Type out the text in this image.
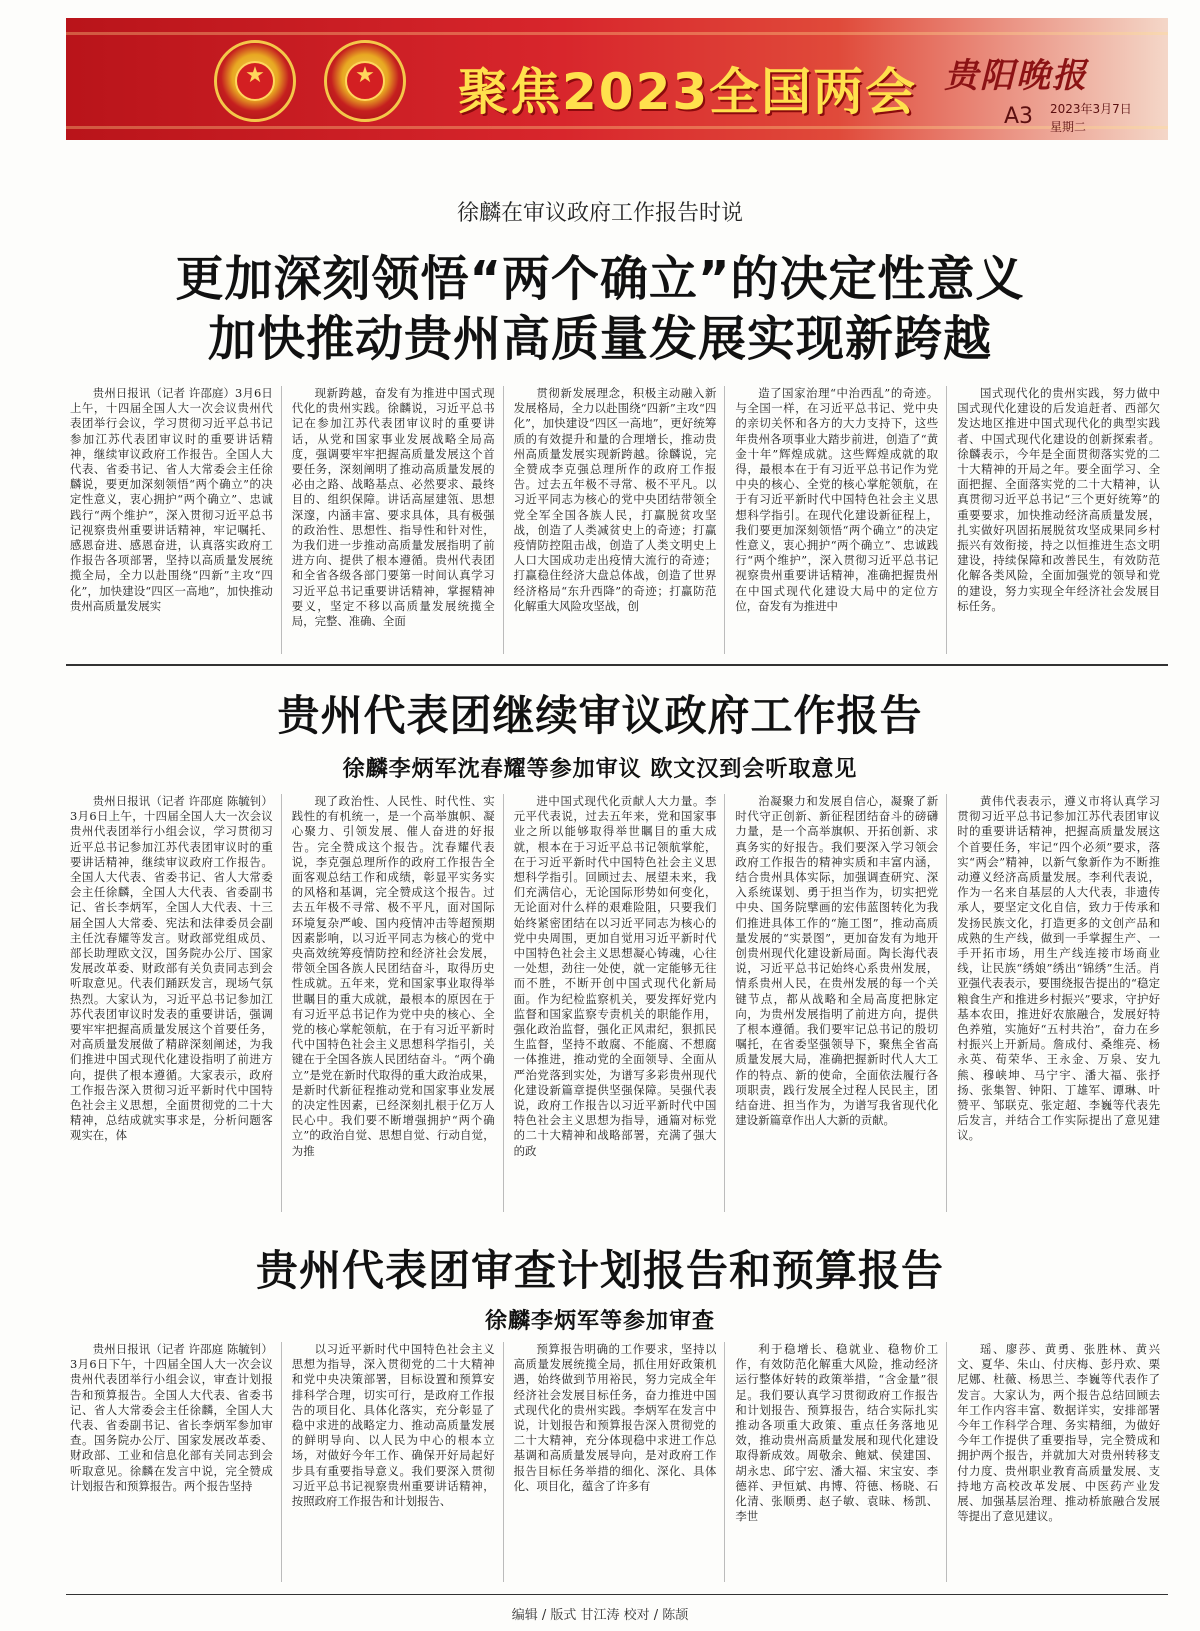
★	★	聚焦2023全国两会 贵阳晚报
A3 2023年3月7日
星期二
徐麟在审议政府工作报告时说
更加深刻领悟“两个确立”的决定性意义
加快推动贵州高质量发展实现新跨越

贵州日报讯（记者 许邵庭）3月6日上午，十四届全国人大一次会议贵州代表团举行会议，学习贯彻习近平总书记参加江苏代表团审议时的重要讲话精神，继续审议政府工作报告。全国人大代表、省委书记、省人大常委会主任徐麟说，要更加深刻领悟“两个确立”的决定性意义，衷心拥护“两个确立”、忠诚践行“两个维护”，深入贯彻习近平总书记视察贵州重要讲话精神，牢记嘱托、感恩奋进、感恩奋进，认真落实政府工作报告各项部署，坚持以高质量发展统揽全局，全力以赴围绕“四新”主攻“四化”，加快建设“四区一高地”，加快推动贵州高质量发展实

现新跨越，奋发有为推进中国式现代化的贵州实践。徐麟说，习近平总书记在参加江苏代表团审议时的重要讲话，从党和国家事业发展战略全局高度，强调要牢牢把握高质量发展这个首要任务，深刻阐明了推动高质量发展的必由之路、战略基点、必然要求、最终目的、组织保障。讲话高屋建瓴、思想深邃，内涵丰富、要求具体，具有极强的政治性、思想性、指导性和针对性，为我们进一步推动高质量发展指明了前进方向、提供了根本遵循。贵州代表团和全省各级各部门要第一时间认真学习习近平总书记重要讲话精神，掌握精神要义，坚定不移以高质量发展统揽全局，完整、准确、全面

贯彻新发展理念，积极主动融入新发展格局，全力以赴围绕“四新”主攻“四化”，加快建设“四区一高地”，更好统筹质的有效提升和量的合理增长，推动贵州高质量发展实现新跨越。徐麟说，完全赞成李克强总理所作的政府工作报告。过去五年极不寻常、极不平凡。以习近平同志为核心的党中央团结带领全党全军全国各族人民，打赢脱贫攻坚战，创造了人类减贫史上的奇迹；打赢疫情防控阻击战，创造了人类文明史上人口大国成功走出疫情大流行的奇迹；打赢稳住经济大盘总体战，创造了世界经济格局“东升西降”的奇迹；打赢防范化解重大风险攻坚战，创

造了国家治理“中治西乱”的奇迹。与全国一样，在习近平总书记、党中央的亲切关怀和各方的大力支持下，这些年贵州各项事业大踏步前进，创造了“黄金十年”辉煌成就。这些辉煌成就的取得，最根本在于有习近平总书记作为党中央的核心、全党的核心掌舵领航，在于有习近平新时代中国特色社会主义思想科学指引。在现代化建设新征程上，我们要更加深刻领悟“两个确立”的决定性意义，衷心拥护“两个确立”、忠诚践行“两个维护”，深入贯彻习近平总书记视察贵州重要讲话精神，准确把握贵州在中国式现代化建设大局中的定位方位，奋发有为推进中

国式现代化的贵州实践，努力做中国式现代化建设的后发追赶者、西部欠发达地区推进中国式现代化的典型实践者、中国式现代化建设的创新探索者。徐麟表示，今年是全面贯彻落实党的二十大精神的开局之年。要全面学习、全面把握、全面落实党的二十大精神，认真贯彻习近平总书记“三个更好统筹”的重要要求，加快推动经济高质量发展，扎实做好巩固拓展脱贫攻坚成果同乡村振兴有效衔接，持之以恒推进生态文明建设，持续保障和改善民生，有效防范化解各类风险，全面加强党的领导和党的建设，努力实现全年经济社会发展目标任务。

贵州代表团继续审议政府工作报告
徐麟李炳军沈春耀等参加审议 欧文汉到会听取意见

贵州日报讯（记者 许邵庭 陈毓钊）3月6日上午，十四届全国人大一次会议贵州代表团举行小组会议，学习贯彻习近平总书记参加江苏代表团审议时的重要讲话精神，继续审议政府工作报告。全国人大代表、省委书记、省人大常委会主任徐麟，全国人大代表、省委副书记、省长李炳军，全国人大代表、十三届全国人大常委、宪法和法律委员会副主任沈春耀等发言。财政部党组成员、部长助理欧文汉，国务院办公厅、国家发展改革委、财政部有关负责同志到会听取意见。代表们踊跃发言，现场气氛热烈。大家认为，习近平总书记参加江苏代表团审议时发表的重要讲话，强调要牢牢把握高质量发展这个首要任务，对高质量发展做了精辟深刻阐述，为我们推进中国式现代化建设指明了前进方向，提供了根本遵循。大家表示，政府工作报告深入贯彻习近平新时代中国特色社会主义思想，全面贯彻党的二十大精神，总结成就实事求是，分析问题客观实在，体

现了政治性、人民性、时代性、实践性的有机统一，是一个高举旗帜、凝心聚力、引领发展、催人奋进的好报告。完全赞成这个报告。沈春耀代表说，李克强总理所作的政府工作报告全面客观总结工作和成绩，彰显平实务实的风格和基调，完全赞成这个报告。过去五年极不寻常、极不平凡，面对国际环境复杂严峻、国内疫情冲击等超预期因素影响，以习近平同志为核心的党中央高效统筹疫情防控和经济社会发展，带领全国各族人民团结奋斗，取得历史性成就。五年来，党和国家事业取得举世瞩目的重大成就，最根本的原因在于有习近平总书记作为党中央的核心、全党的核心掌舵领航，在于有习近平新时代中国特色社会主义思想科学指引，关键在于全国各族人民团结奋斗。“两个确立”是党在新时代取得的重大政治成果，是新时代新征程推动党和国家事业发展的决定性因素，已经深刻扎根于亿万人民心中。我们要不断增强拥护“两个确立”的政治自觉、思想自觉、行动自觉，为推

进中国式现代化贡献人大力量。李元平代表说，过去五年来，党和国家事业之所以能够取得举世瞩目的重大成就，根本在于习近平总书记领航掌舵，在于习近平新时代中国特色社会主义思想科学指引。回顾过去、展望未来，我们充满信心，无论国际形势如何变化，无论面对什么样的艰难险阻，只要我们始终紧密团结在以习近平同志为核心的党中央周围，更加自觉用习近平新时代中国特色社会主义思想凝心铸魂，心往一处想，劲往一处使，就一定能够无往而不胜，不断开创中国式现代化新局面。作为纪检监察机关，要发挥好党内监督和国家监察专责机关的职能作用，强化政治监督，强化正风肃纪，狠抓民生监督，坚持不敢腐、不能腐、不想腐一体推进，推动党的全面领导、全面从严治党落到实处，为谱写多彩贵州现代化建设新篇章提供坚强保障。吴强代表说，政府工作报告以习近平新时代中国特色社会主义思想为指导，通篇对标党的二十大精神和战略部署，充满了强大的政

治凝聚力和发展自信心，凝聚了新时代守正创新、新征程团结奋斗的磅礴力量，是一个高举旗帜、开拓创新、求真务实的好报告。我们要深入学习领会政府工作报告的精神实质和丰富内涵，结合贵州具体实际，加强调查研究、深入系统谋划、勇于担当作为，切实把党中央、国务院擘画的宏伟蓝图转化为我们推进具体工作的“施工图”，推动高质量发展的“实景图”，更加奋发有为地开创贵州现代化建设新局面。陶长海代表说，习近平总书记始终心系贵州发展，情系贵州人民，在贵州发展的每一个关键节点，都从战略和全局高度把脉定向，为贵州发展指明了前进方向，提供了根本遵循。我们要牢记总书记的殷切嘱托，在省委坚强领导下，聚焦全省高质量发展大局，准确把握新时代人大工作的特点、新的使命，全面依法履行各项职责，践行发展全过程人民民主，团结奋进、担当作为，为谱写我省现代化建设新篇章作出人大新的贡献。

黄伟代表表示，遵义市将认真学习贯彻习近平总书记参加江苏代表团审议时的重要讲话精神，把握高质量发展这个首要任务，牢记“四个必须”要求，落实“两会”精神，以新气象新作为不断推动遵义经济高质量发展。李利代表说，作为一名来自基层的人大代表，非遗传承人，要坚定文化自信，致力于传承和发扬民族文化，打造更多的文创产品和成熟的生产线，做到一手掌握生产、一手开拓市场，用生产线连接市场商业线，让民族“绣娘”绣出“锦绣”生活。肖亚强代表表示，要围绕报告提出的“稳定粮食生产和推进乡村振兴”要求，守护好基本农田，推进好农旅融合，发展好特色养殖，实施好“五村共治”，奋力在乡村振兴上开新局。詹成付、桑维亮、杨永英、荀荣华、王永金、万泉、安九熊、穆峡坤、马宁宇、潘大福、张抒扬、张集智、钟阳、丁雄军、谭琳、叶赞平、邹联克、张定超、李巍等代表先后发言，并结合工作实际提出了意见建议。

贵州代表团审查计划报告和预算报告
徐麟李炳军等参加审查

贵州日报讯（记者 许邵庭 陈毓钊）3月6日下午，十四届全国人大一次会议贵州代表团举行小组会议，审查计划报告和预算报告。全国人大代表、省委书记、省人大常委会主任徐麟，全国人大代表、省委副书记、省长李炳军参加审查。国务院办公厅、国家发展改革委、财政部、工业和信息化部有关同志到会听取意见。徐麟在发言中说，完全赞成计划报告和预算报告。两个报告坚持

以习近平新时代中国特色社会主义思想为指导，深入贯彻党的二十大精神和党中央决策部署，目标设置和预算安排科学合理，切实可行，是政府工作报告的项目化、具体化落实，充分彰显了稳中求进的战略定力、推动高质量发展的鲜明导向、以人民为中心的根本立场，对做好今年工作、确保开好局起好步具有重要指导意义。我们要深入贯彻习近平总书记视察贵州重要讲话精神，按照政府工作报告和计划报告、

预算报告明确的工作要求，坚持以高质量发展统揽全局，抓住用好政策机遇，始终做到节用裕民，努力完成全年经济社会发展目标任务，奋力推进中国式现代化的贵州实践。李炳军在发言中说，计划报告和预算报告深入贯彻党的二十大精神，充分体现稳中求进工作总基调和高质量发展导向，是对政府工作报告目标任务举措的细化、深化、具体化、项目化，蕴含了许多有

利于稳增长、稳就业、稳物价工作，有效防范化解重大风险，推动经济运行整体好转的政策举措，“含金量”很足。我们要认真学习贯彻政府工作报告和计划报告、预算报告，结合实际扎实推动各项重大政策、重点任务落地见效，推动贵州高质量发展和现代化建设取得新成效。周敬余、鲍斌、侯建国、胡永忠、邱宁宏、潘大福、宋宝安、李德祥、尹恒斌、冉博、符德、杨晓、石化清、张顺勇、赵子敏、袁昧、杨凯、李世

瑶、廖莎、黄勇、张胜林、黄兴文、夏华、朱山、付庆梅、彭丹欢、栗尼娜、杜薇、杨思兰、李巍等代表作了发言。大家认为，两个报告总结回顾去年工作内容丰富、数据详实，安排部署今年工作科学合理、务实精细，为做好今年工作提供了重要指导，完全赞成和拥护两个报告，并就加大对贵州转移支付力度、贵州职业教育高质量发展、支持地方高校改革发展、中医药产业发展、加强基层治理、推动桥旅融合发展等提出了意见建议。

编辑 / 版式 甘江涛 校对 / 陈颉
